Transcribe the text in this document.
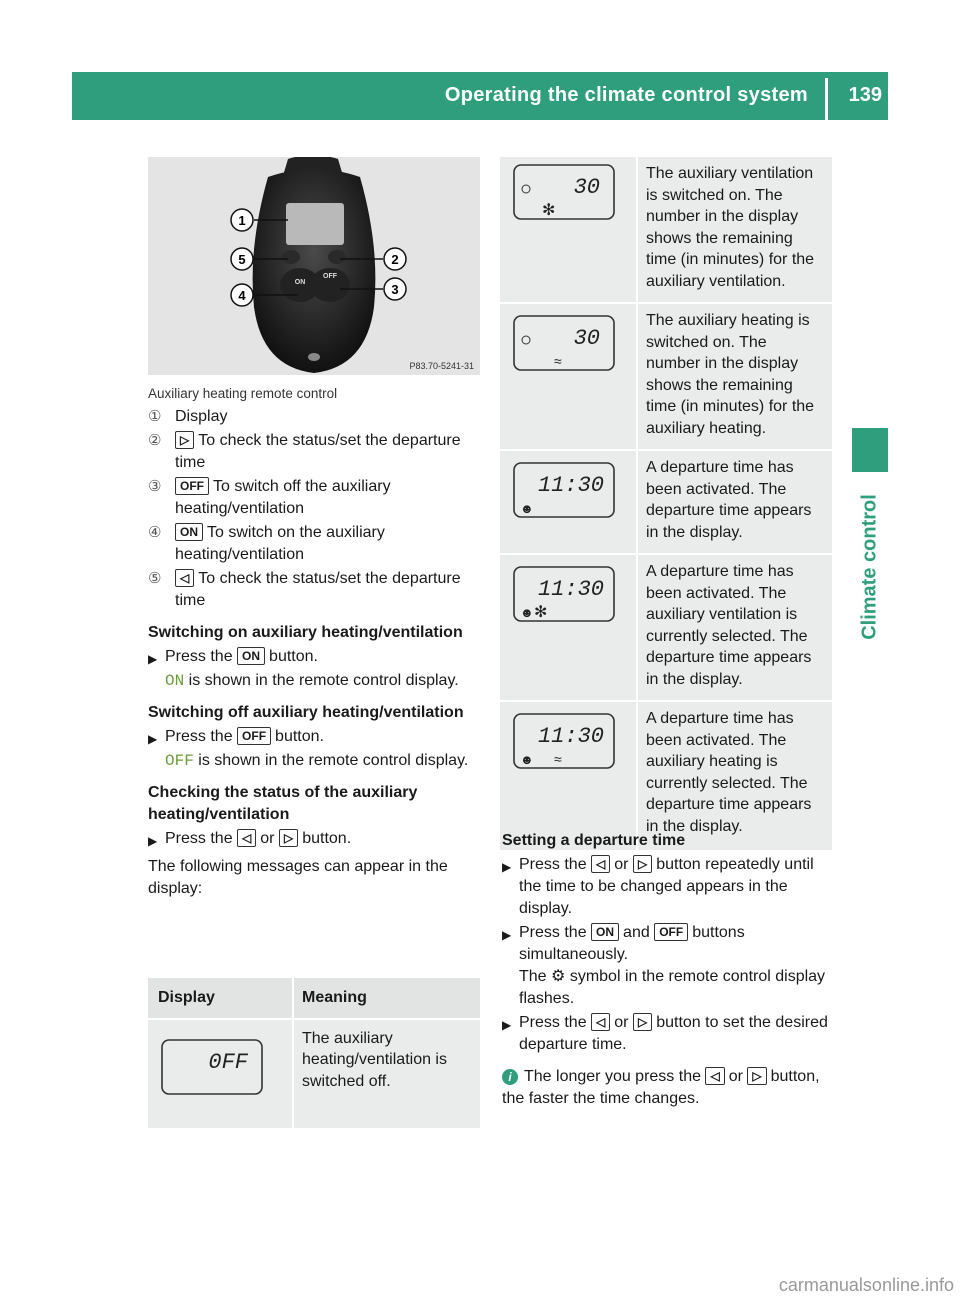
Operating the climate control system 139
Climate control
ON
OFF
1
5
4
2
3
P83.70-5241-31
Auxiliary heating remote control
① Display
②	▷ To check the status/set the departure time
③	OFF To switch off the auxiliary heating/ventilation
④	ON To switch on the auxiliary heating/ventilation
⑤	◁ To check the status/set the departure time
Switching on auxiliary heating/ventilation
▶ Press the ON button.
ON is shown in the remote control display.
Switching off auxiliary heating/ventilation
▶ Press the OFF button.
OFF is shown in the remote control display.
Checking the status of the auxiliary heating/ventilation
▶ Press the ◁ or ▷ button.
The following messages can appear in the display:
Display	Meaning

0FF	The auxiliary heating/ventilation is switched off.
30
✻	The auxiliary ventilation is switched on. The number in the display shows the remaining time (in minutes) for the auxiliary ventilation.

30
≈	The auxiliary heating is switched on. The number in the display shows the remaining time (in minutes) for the auxiliary heating.

11:30
☻	A departure time has been activated. The departure time appears in the display.

11:30
☻ ✻	A departure time has been activated. The auxiliary ventilation is currently selected. The departure time appears in the display.

11:30
☻ ≈	A departure time has been activated. The auxiliary heating is currently selected. The departure time appears in the display.
Setting a departure time
▶ Press the ◁ or ▷ button repeatedly until the time to be changed appears in the display.
▶ Press the ON and OFF buttons simultaneously.
The ⚙ symbol in the remote control display flashes.
▶ Press the ◁ or ▷ button to set the desired departure time.
i The longer you press the ◁ or ▷ button, the faster the time changes.
carmanualsonline.info
